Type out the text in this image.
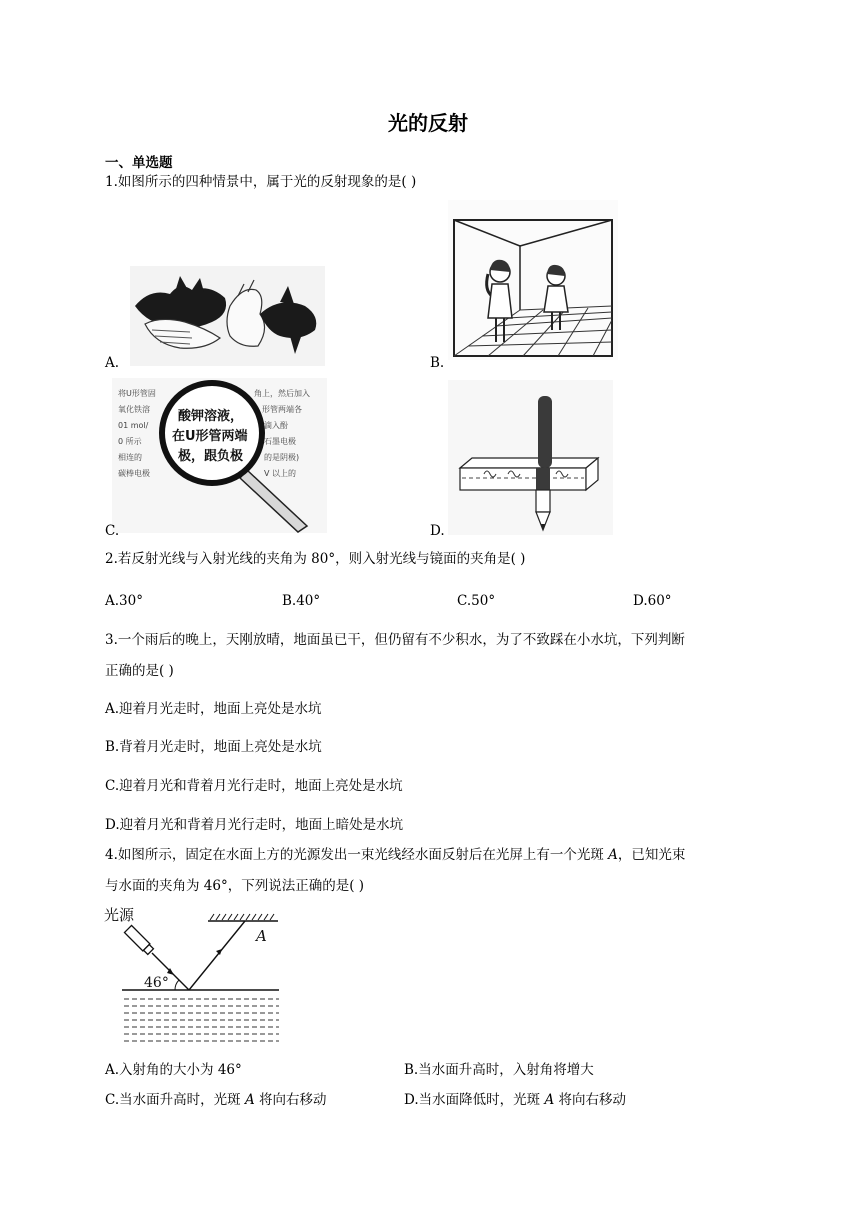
光的反射
一、单选题
1.如图所示的四种情景中，属于光的反射现象的是( )
A.	B.
将U形管固
氧化铁溶
01 mol/
0 所示
相连的
碳棒电极
角上，然后加入
形管两端各
滴入酚
石墨电极
的是阴极)
V 以上的
酸钾溶液，
在U形管两端
极，跟负极
C.	D.
2.若反射光线与入射光线的夹角为 80°，则入射光线与镜面的夹角是( )
A.30°	B.40°	C.50°	D.60°
3.一个雨后的晚上，天刚放晴，地面虽已干，但仍留有不少积水，为了不致踩在小水坑，下列判断
正确的是( )
A.迎着月光走时，地面上亮处是水坑
B.背着月光走时，地面上亮处是水坑
C.迎着月光和背着月光行走时，地面上亮处是水坑
D.迎着月光和背着月光行走时，地面上暗处是水坑
4.如图所示，固定在水面上方的光源发出一束光线经水面反射后在光屏上有一个光斑 A，已知光束
与水面的夹角为 46°，下列说法正确的是( )
光源
A
46°
A.入射角的大小为 46°	B.当水面升高时，入射角将增大
C.当水面升高时，光斑 A 将向右移动	D.当水面降低时，光斑 A 将向右移动
